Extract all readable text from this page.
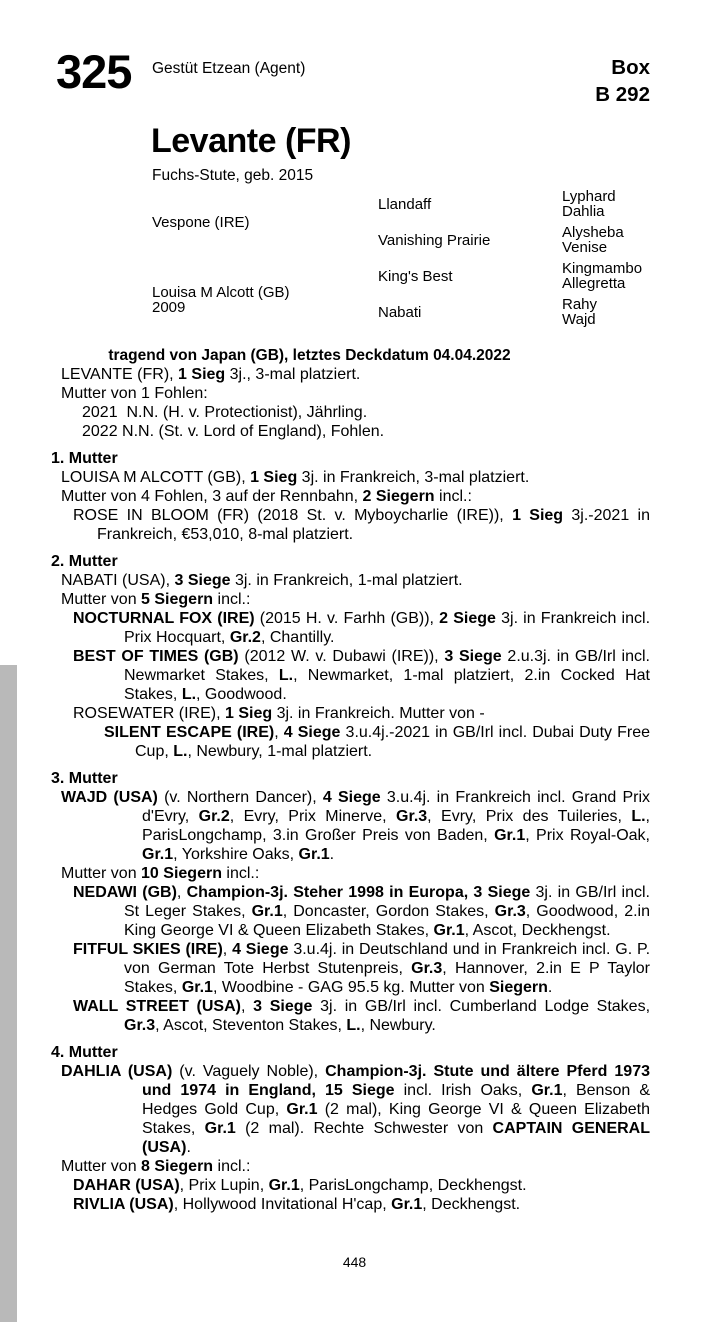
325 Gestüt Etzean (Agent)	Box
B 292
Levante (FR)
Fuchs-Stute, geb. 2015
Vespone (IRE)
Louisa M Alcott (GB)
2009
Llandaff
Vanishing Prairie
King's Best
Nabati
Lyphard
Dahlia
Alysheba
Venise
Kingmambo
Allegretta
Rahy
Wajd
tragend von Japan (GB), letztes Deckdatum 04.04.2022

LEVANTE (FR), 1 Sieg 3j., 3-mal platziert.

Mutter von 1 Fohlen:

2021  N.N. (H. v. Protectionist), Jährling.

2022 N.N. (St. v. Lord of England), Fohlen.

1. Mutter

LOUISA M ALCOTT (GB), 1 Sieg 3j. in Frankreich, 3-mal platziert.

Mutter von 4 Fohlen, 3 auf der Rennbahn, 2 Siegern incl.:

ROSE IN BLOOM (FR) (2018 St. v. Myboycharlie (IRE)), 1 Sieg 3j.-2021 in Frankreich, €53,010, 8-mal platziert.

2. Mutter

NABATI (USA), 3 Siege 3j. in Frankreich, 1-mal platziert.

Mutter von 5 Siegern incl.:

NOCTURNAL FOX (IRE) (2015 H. v. Farhh (GB)), 2 Siege 3j. in Frankreich incl. Prix Hocquart, Gr.2, Chantilly.

BEST OF TIMES (GB) (2012 W. v. Dubawi (IRE)), 3 Siege 2.u.3j. in GB/Irl incl. Newmarket Stakes, L., Newmarket, 1-mal platziert, 2.in Cocked Hat Stakes, L., Goodwood.

ROSEWATER (IRE), 1 Sieg 3j. in Frankreich. Mutter von -

SILENT ESCAPE (IRE), 4 Siege 3.u.4j.-2021 in GB/Irl incl. Dubai Duty Free Cup, L., Newbury, 1-mal platziert.

3. Mutter

WAJD (USA) (v. Northern Dancer), 4 Siege 3.u.4j. in Frankreich incl. Grand Prix d'Evry, Gr.2, Evry, Prix Minerve, Gr.3, Evry, Prix des Tuileries, L., ParisLongchamp, 3.in Großer Preis von Baden, Gr.1, Prix Royal-Oak, Gr.1, Yorkshire Oaks, Gr.1.

Mutter von 10 Siegern incl.:

NEDAWI (GB), Champion-3j. Steher 1998 in Europa, 3 Siege 3j. in GB/Irl incl. St Leger Stakes, Gr.1, Doncaster, Gordon Stakes, Gr.3, Goodwood, 2.in King George VI & Queen Elizabeth Stakes, Gr.1, Ascot, Deckhengst.

FITFUL SKIES (IRE), 4 Siege 3.u.4j. in Deutschland und in Frankreich incl. G. P. von German Tote Herbst Stutenpreis, Gr.3, Hannover, 2.in E P Taylor Stakes, Gr.1, Woodbine - GAG 95.5 kg. Mutter von Siegern.

WALL STREET (USA), 3 Siege 3j. in GB/Irl incl. Cumberland Lodge Stakes, Gr.3, Ascot, Steventon Stakes, L., Newbury.

4. Mutter

DAHLIA (USA) (v. Vaguely Noble), Champion-3j. Stute und ältere Pferd 1973 und 1974 in England, 15 Siege incl. Irish Oaks, Gr.1, Benson & Hedges Gold Cup, Gr.1 (2 mal), King George VI & Queen Elizabeth Stakes, Gr.1 (2 mal). Rechte Schwester von CAPTAIN GENERAL (USA).

Mutter von 8 Siegern incl.:

DAHAR (USA), Prix Lupin, Gr.1, ParisLongchamp, Deckhengst.

RIVLIA (USA), Hollywood Invitational H'cap, Gr.1, Deckhengst.

448
